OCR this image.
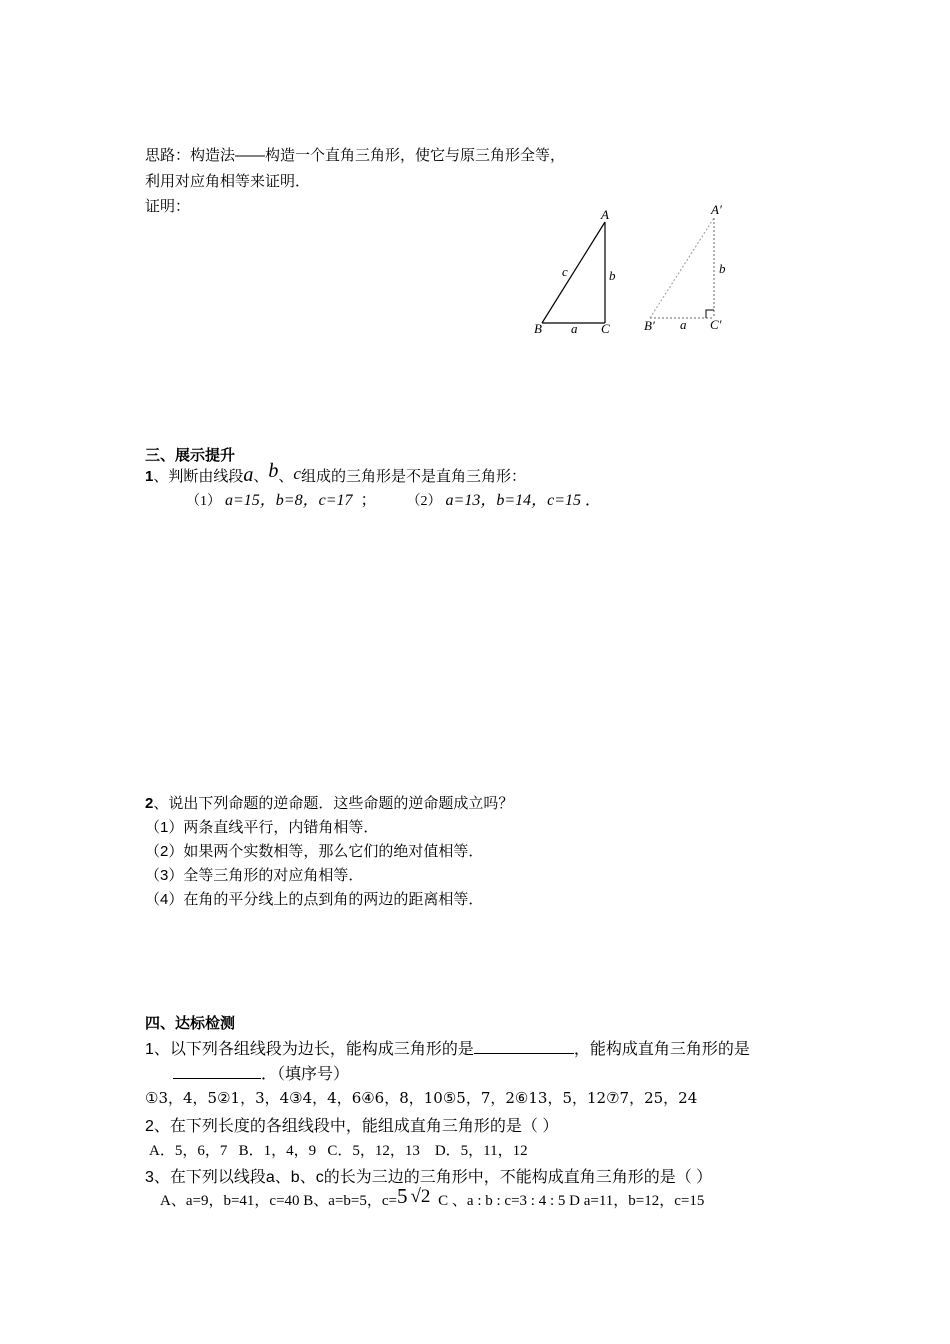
思路：构造法——构造一个直角三角形，使它与原三角形全等，
利用对应角相等来证明．
证明：	A
B	C
b
a
c
A′
B′	C′
b
a
三、展示提升
1、判断由线段a、b、c组成的三角形是不是直角三角形：
（1） a=15，b=8，c=17 ； （2） a=13，b=14，c=15 ．
2、说出下列命题的逆命题．这些命题的逆命题成立吗？
（1）两条直线平行，内错角相等．
（2）如果两个实数相等，那么它们的绝对值相等．
（3）全等三角形的对应角相等．
（4）在角的平分线上的点到角的两边的距离相等．
四、达标检测
1、以下列各组线段为边长，能构成三角形的是	，能构成直角三角形的是
．（填序号）
①3，4，5②1，3，4③4，4，6④6，8，10⑤5，7，2⑥13，5，12⑦7，25，24
2、在下列长度的各组线段中，能组成直角三角形的是（ ）
A．5，6，7   B．1，4，9   C．5，12，13    D．5，11，12
3、在下列以线段a、b、c的长为三边的三角形中，不能构成直角三角形的是（ ）
A、a=9，b=41，c=40 B、a=b=5，c=5 √2 C 、a : b : c=3 : 4 : 5 D a=11，b=12，c=15
